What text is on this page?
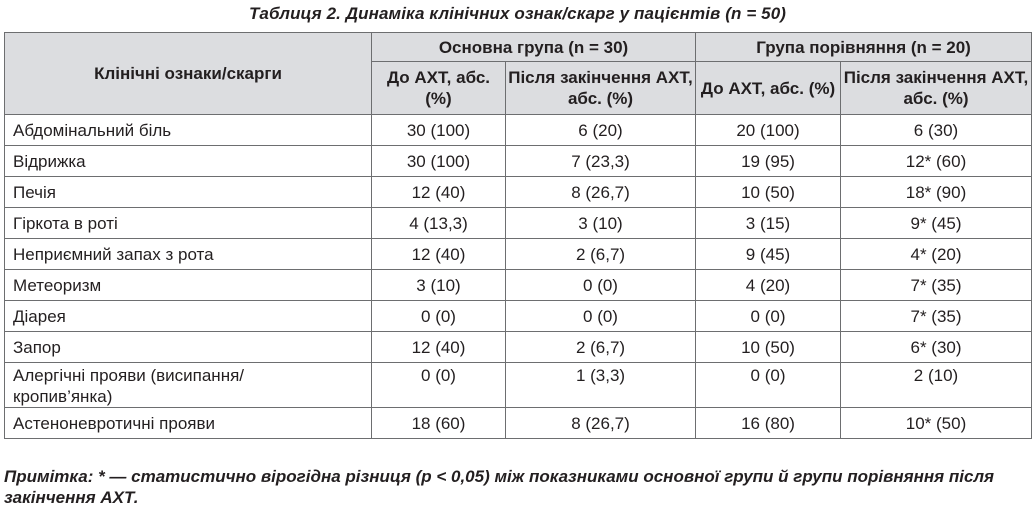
Таблиця 2. Динаміка клінічних ознак/скарг у пацієнтів (n = 50)
Клінічні ознаки/скарги	Основна група (n = 30)		Група порівняння (n = 20)	
	До АХТ, абс. (%)	Після закінчення АХТ, абс. (%)	До АХТ, абс. (%)	Після закінчення АХТ, абс. (%)
Абдомінальний біль	30 (100)	6 (20)	20 (100)	6 (30)
Відрижка	30 (100)	7 (23,3)	19 (95)	12* (60)
Печія	12 (40)	8 (26,7)	10 (50)	18* (90)
Гіркота в роті	4 (13,3)	3 (10)	3 (15)	9* (45)
Неприємний запах з рота	12 (40)	2 (6,7)	9 (45)	4* (20)
Метеоризм	3 (10)	0 (0)	4 (20)	7* (35)
Діарея	0 (0)	0 (0)	0 (0)	7* (35)
Запор	12 (40)	2 (6,7)	10 (50)	6* (30)
Алергічні прояви (висипання/ кропив’янка)	0 (0)	1 (3,3)	0 (0)	2 (10)
Астеноневротичні прояви	18 (60)	8 (26,7)	16 (80)	10* (50)
Примітка: * — статистично вірогідна різниця (р < 0,05) між показниками основної групи й групи порівняння після закінчення АХТ.
